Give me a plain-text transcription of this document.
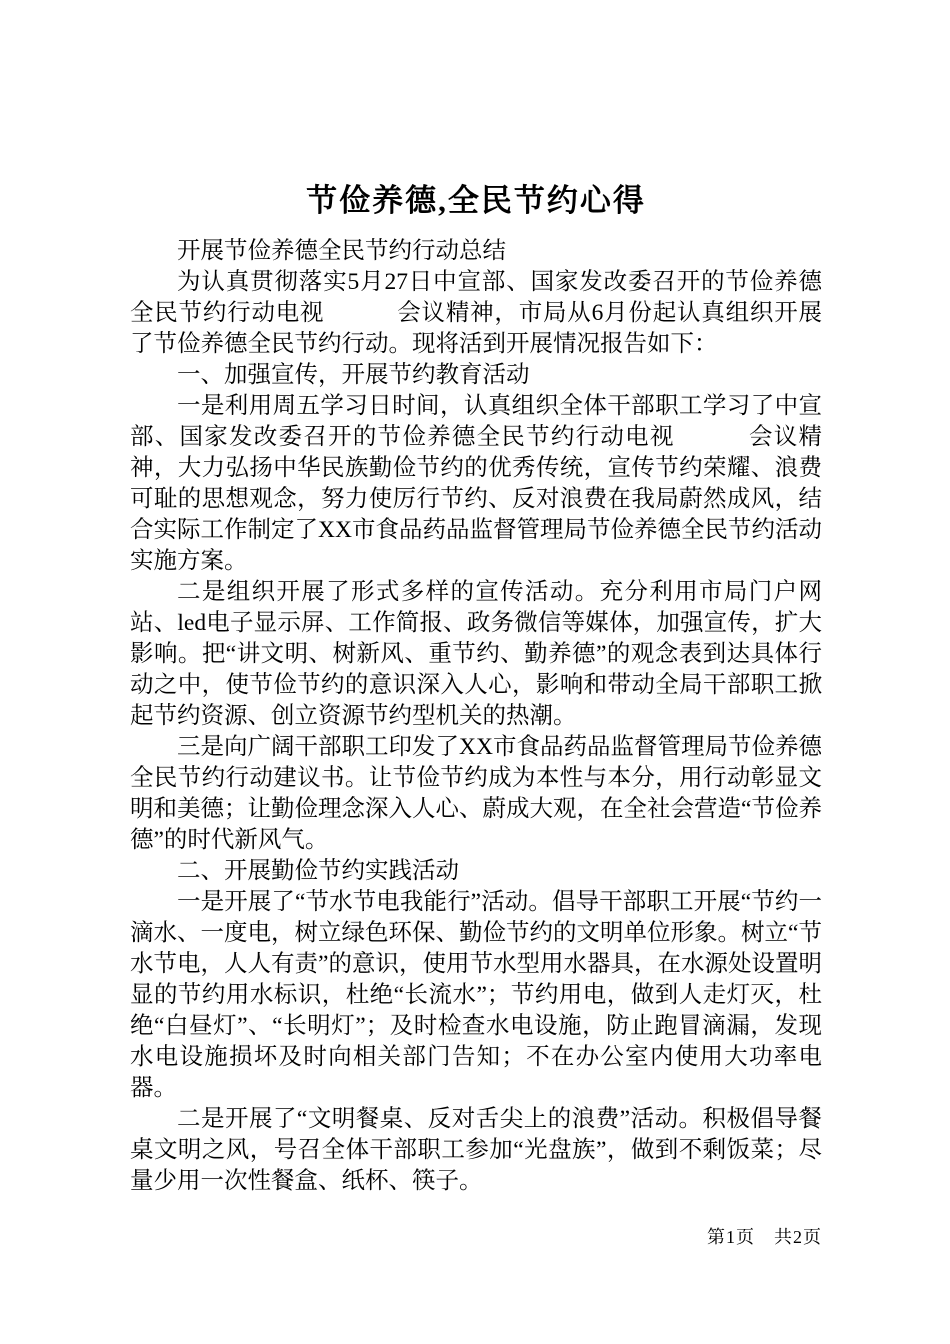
节俭养德,全民节约心得

开展节俭养德全民节约行动总结

为认真贯彻落实5月27日中宣部、国家发改委召开的节俭养德全民节约行动电视　　　会议精神，市局从6月份起认真组织开展了节俭养德全民节约行动。现将活到开展情况报告如下：

一、加强宣传，开展节约教育活动

一是利用周五学习日时间，认真组织全体干部职工学习了中宣部、国家发改委召开的节俭养德全民节约行动电视　　　会议精神，大力弘扬中华民族勤俭节约的优秀传统，宣传节约荣耀、浪费可耻的思想观念，努力使厉行节约、反对浪费在我局蔚然成风，结合实际工作制定了XX市食品药品监督管理局节俭养德全民节约活动实施方案。

二是组织开展了形式多样的宣传活动。充分利用市局门户网站、led电子显示屏、工作简报、政务微信等媒体，加强宣传，扩大影响。把“讲文明、树新风、重节约、勤养德”的观念表到达具体行动之中，使节俭节约的意识深入人心，影响和带动全局干部职工掀起节约资源、创立资源节约型机关的热潮。

三是向广阔干部职工印发了XX市食品药品监督管理局节俭养德全民节约行动建议书。让节俭节约成为本性与本分，用行动彰显文明和美德；让勤俭理念深入人心、蔚成大观，在全社会营造“节俭养德”的时代新风气。

二、开展勤俭节约实践活动

一是开展了“节水节电我能行”活动。倡导干部职工开展“节约一滴水、一度电，树立绿色环保、勤俭节约的文明单位形象。树立“节水节电，人人有责”的意识，使用节水型用水器具，在水源处设置明显的节约用水标识，杜绝“长流水”；节约用电，做到人走灯灭，杜绝“白昼灯”、“长明灯”；及时检查水电设施，防止跑冒滴漏，发现水电设施损坏及时向相关部门告知；不在办公室内使用大功率电器。

二是开展了“文明餐桌、反对舌尖上的浪费”活动。积极倡导餐桌文明之风，号召全体干部职工参加“光盘族”，做到不剩饭菜；尽量少用一次性餐盒、纸杯、筷子。

第1页　共2页
